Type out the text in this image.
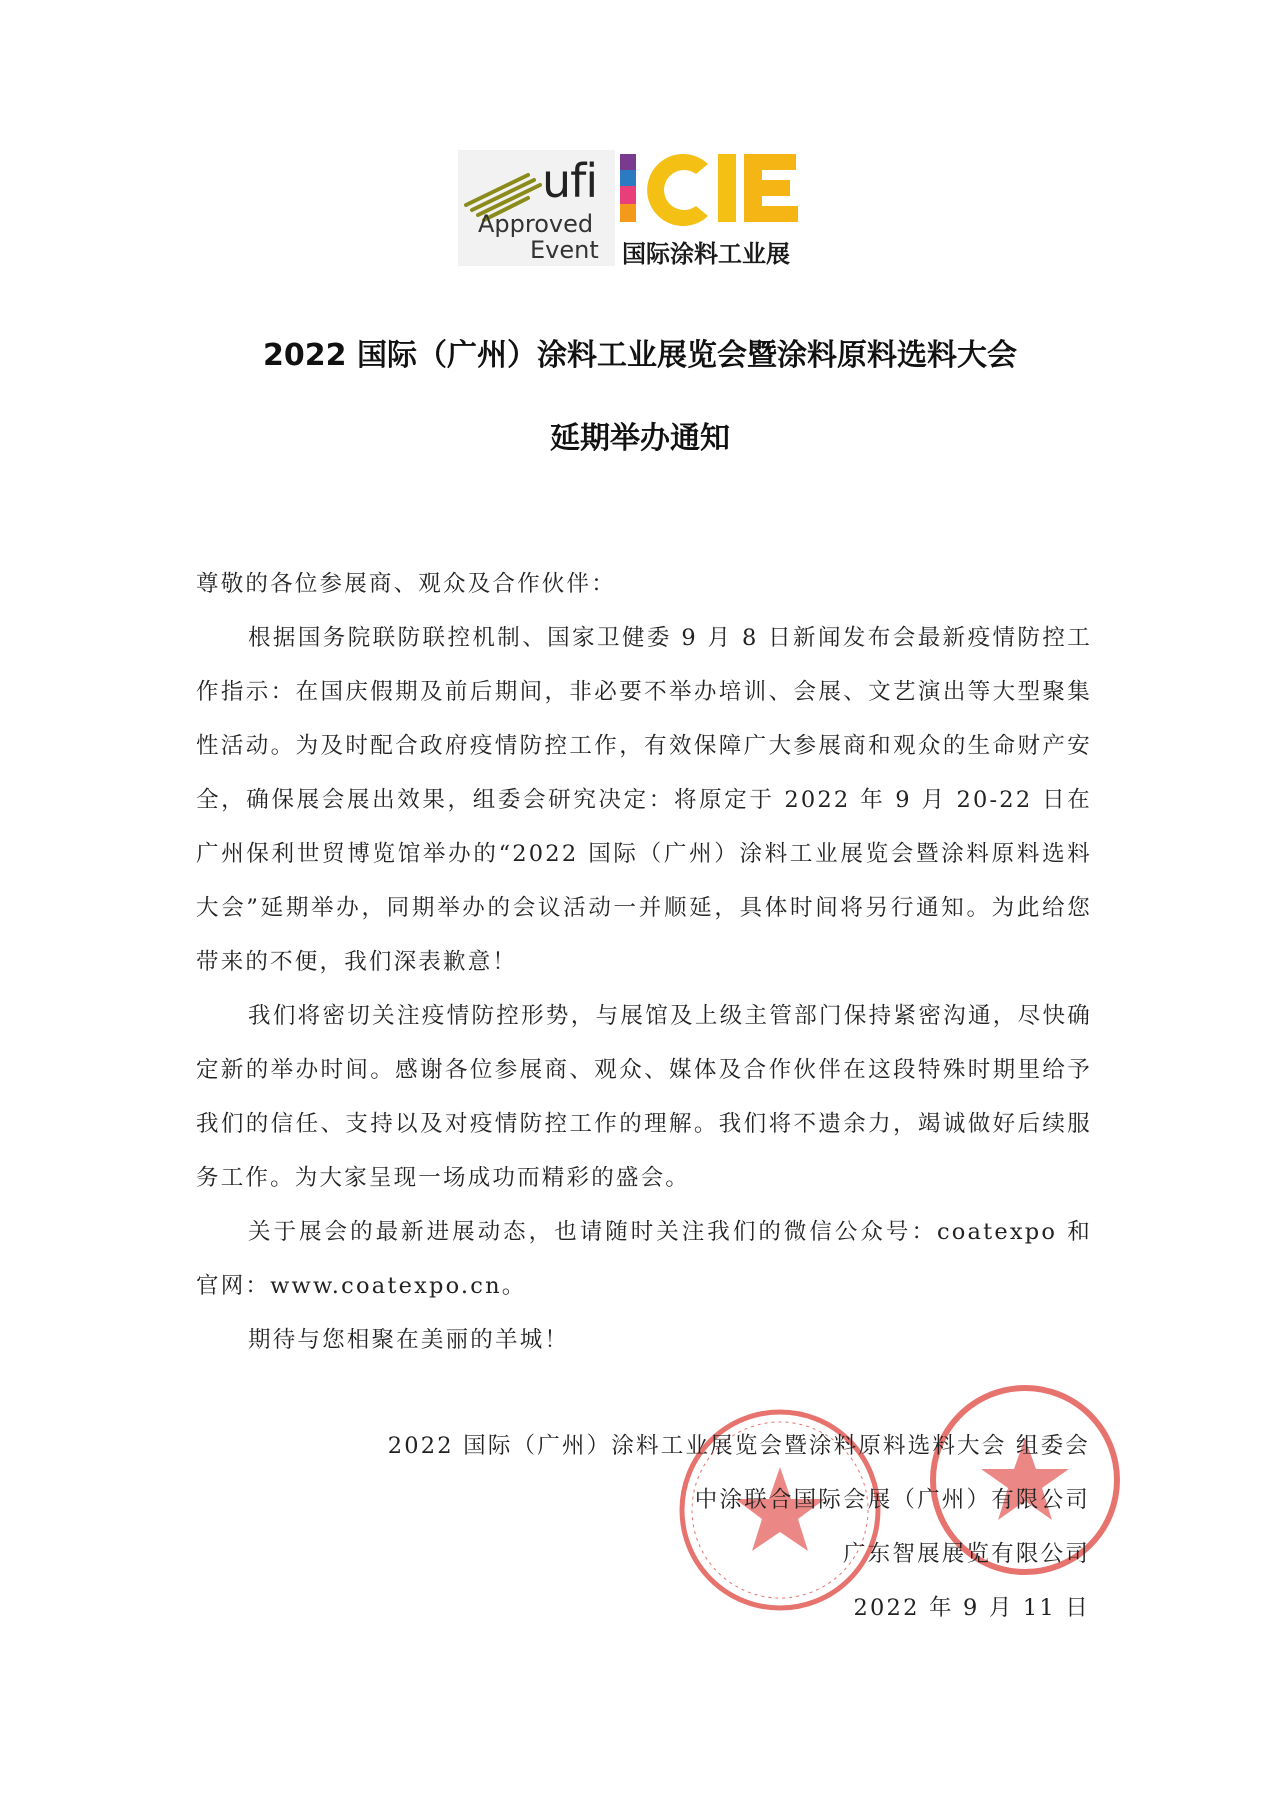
ufi
Approved
Event 国际涂料工业展
2022 国际（广州）涂料工业展览会暨涂料原料选料大会
延期举办通知

尊敬的各位参展商、观众及合作伙伴：

根据国务院联防联控机制、国家卫健委 9 月 8 日新闻发布会最新疫情防控工作指示：在国庆假期及前后期间，非必要不举办培训、会展、文艺演出等大型聚集性活动。为及时配合政府疫情防控工作，有效保障广大参展商和观众的生命财产安全，确保展会展出效果，组委会研究决定：将原定于 2022 年 9 月 20-22 日在广州保利世贸博览馆举办的“2022 国际（广州）涂料工业展览会暨涂料原料选料大会”延期举办，同期举办的会议活动一并顺延，具体时间将另行通知。为此给您带来的不便，我们深表歉意！

我们将密切关注疫情防控形势，与展馆及上级主管部门保持紧密沟通，尽快确定新的举办时间。感谢各位参展商、观众、媒体及合作伙伴在这段特殊时期里给予我们的信任、支持以及对疫情防控工作的理解。我们将不遗余力，竭诚做好后续服务工作。为大家呈现一场成功而精彩的盛会。

关于展会的最新进展动态，也请随时关注我们的微信公众号：coatexpo 和官网：www.coatexpo.cn。

期待与您相聚在美丽的羊城！

2022 国际（广州）涂料工业展览会暨涂料原料选料大会 组委会
中涂联合国际会展（广州）有限公司
广东智展展览有限公司
2022 年 9 月 11 日
